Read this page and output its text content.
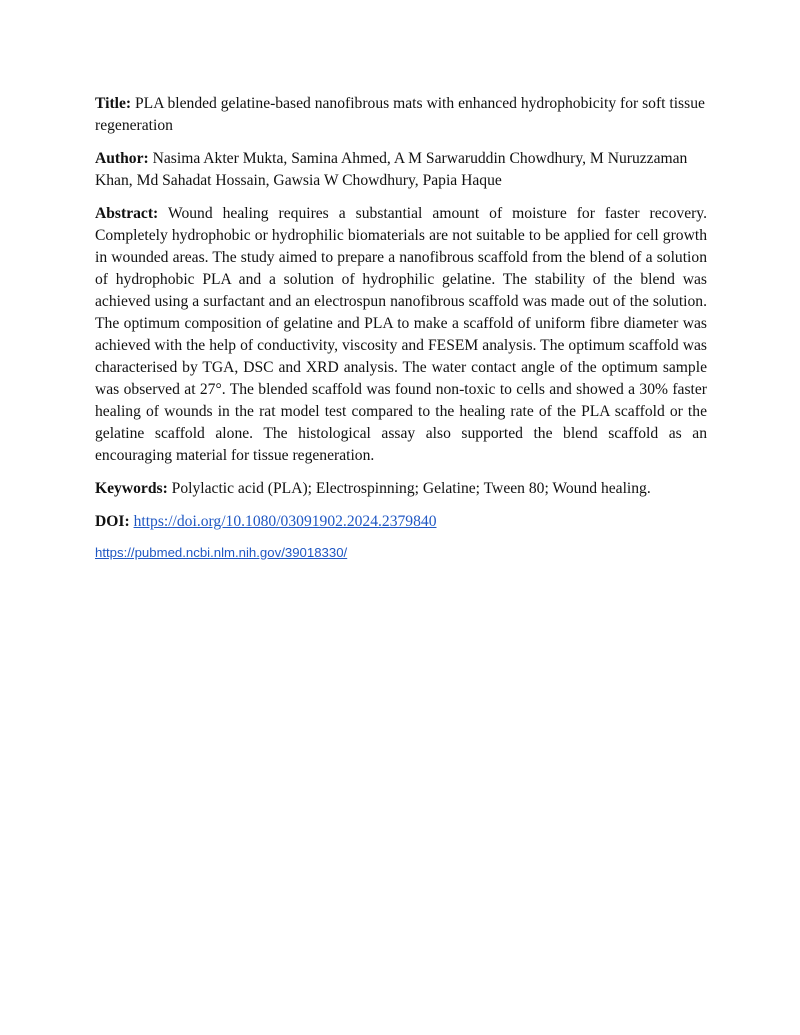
Title: PLA blended gelatine-based nanofibrous mats with enhanced hydrophobicity for soft tissue regeneration

Author: Nasima Akter Mukta, Samina Ahmed, A M Sarwaruddin Chowdhury, M Nuruzzaman Khan, Md Sahadat Hossain, Gawsia W Chowdhury, Papia Haque

Abstract: Wound healing requires a substantial amount of moisture for faster recovery. Completely hydrophobic or hydrophilic biomaterials are not suitable to be applied for cell growth in wounded areas. The study aimed to prepare a nanofibrous scaffold from the blend of a solution of hydrophobic PLA and a solution of hydrophilic gelatine. The stability of the blend was achieved using a surfactant and an electrospun nanofibrous scaffold was made out of the solution. The optimum composition of gelatine and PLA to make a scaffold of uniform fibre diameter was achieved with the help of conductivity, viscosity and FESEM analysis. The optimum scaffold was characterised by TGA, DSC and XRD analysis. The water contact angle of the optimum sample was observed at 27°. The blended scaffold was found non-toxic to cells and showed a 30% faster healing of wounds in the rat model test compared to the healing rate of the PLA scaffold or the gelatine scaffold alone. The histological assay also supported the blend scaffold as an encouraging material for tissue regeneration.

Keywords: Polylactic acid (PLA); Electrospinning; Gelatine; Tween 80; Wound healing.

DOI: https://doi.org/10.1080/03091902.2024.2379840

https://pubmed.ncbi.nlm.nih.gov/39018330/
